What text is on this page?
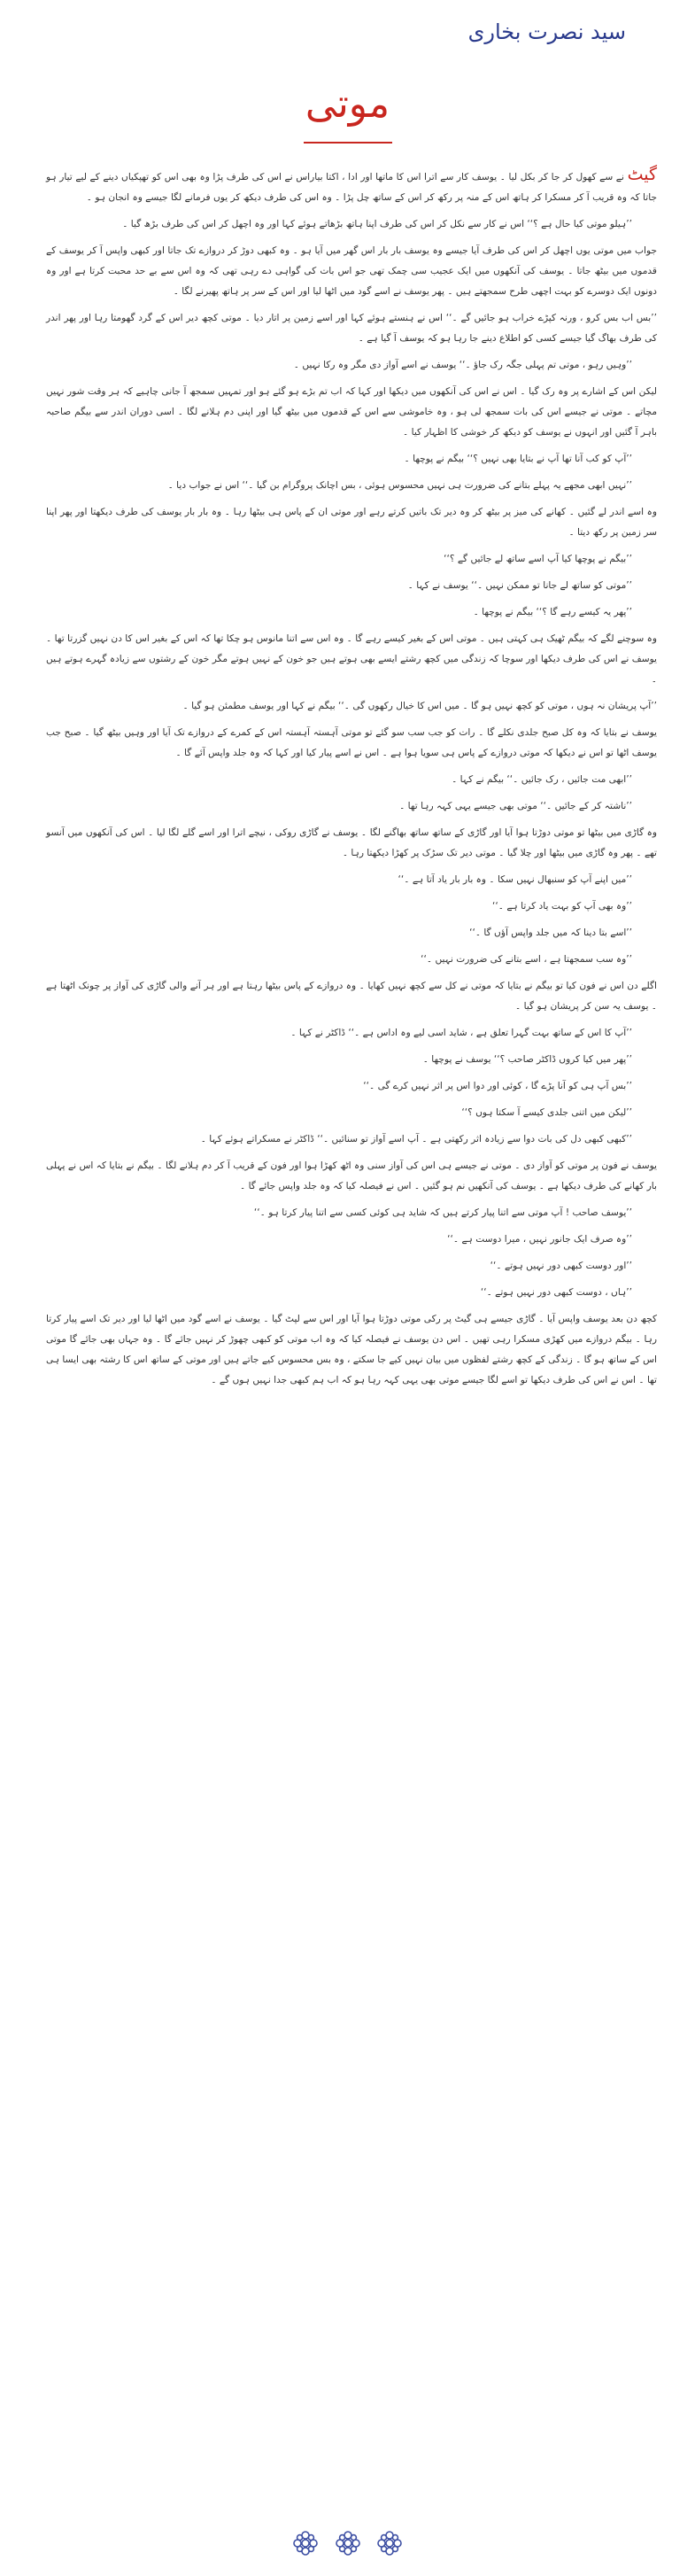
سید نصرت بخاری
موتی

گیٹ نے سے کھول کر جا کر بکل لیا ۔ یوسف کار سے اترا اس کا ماتھا اور ادا ، اکتا بیاراس نے اس کی طرف پڑا وہ بھی اس کو تھپکیاں دینے کے لیے تیار ہو جاتا کہ وہ قریب آ کر مسکرا کر ہاتھ اس کے منہ پر رکھ کر اس کے ساتھ چل پڑا ۔ وہ اس کی طرف دیکھ کر یوں فرمانے لگا جیسے وہ انجان ہو ۔

’’ہیلو موتی کیا حال ہے ؟‘‘ اس نے کار سے نکل کر اس کی طرف اپنا ہاتھ بڑھاتے ہوئے کہا اور وہ اچھل کر اس کی طرف بڑھ گیا ۔

جواب میں موتی یوں اچھل کر اس کی طرف آیا جیسے وہ یوسف بار بار اس گھر میں آیا ہو ۔ وہ کبھی دوڑ کر دروازے تک جاتا اور کبھی واپس آ کر یوسف کے قدموں میں بیٹھ جاتا ۔ یوسف کی آنکھوں میں ایک عجیب سی چمک تھی جو اس بات کی گواہی دے رہی تھی کہ وہ اس سے بے حد محبت کرتا ہے اور وہ دونوں ایک دوسرے کو بہت اچھی طرح سمجھتے ہیں ۔ پھر یوسف نے اسے گود میں اٹھا لیا اور اس کے سر پر ہاتھ پھیرنے لگا ۔

’’بس اب بس کرو ، ورنہ کپڑے خراب ہو جائیں گے ۔‘‘ اس نے ہنستے ہوئے کہا اور اسے زمین پر اتار دیا ۔ موتی کچھ دیر اس کے گرد گھومتا رہا اور پھر اندر کی طرف بھاگ گیا جیسے کسی کو اطلاع دینے جا رہا ہو کہ یوسف آ گیا ہے ۔

’’وہیں رہو ، موتی تم پہلی جگہ رک جاؤ ۔‘‘ یوسف نے اسے آواز دی مگر وہ رکا نہیں ۔

لیکن اس کے اشارے پر وہ رک گیا ۔ اس نے اس کی آنکھوں میں دیکھا اور کہا کہ اب تم بڑے ہو گئے ہو اور تمہیں سمجھ آ جانی چاہیے کہ ہر وقت شور نہیں مچاتے ۔ موتی نے جیسے اس کی بات سمجھ لی ہو ، وہ خاموشی سے اس کے قدموں میں بیٹھ گیا اور اپنی دم ہلانے لگا ۔ اسی دوران اندر سے بیگم صاحبہ باہر آ گئیں اور انہوں نے یوسف کو دیکھ کر خوشی کا اظہار کیا ۔

’’آپ کو کب آنا تھا آپ نے بتایا بھی نہیں ؟‘‘ بیگم نے پوچھا ۔

’’نہیں ابھی مجھے یہ پہلے بتانے کی ضرورت ہی نہیں محسوس ہوئی ، بس اچانک پروگرام بن گیا ۔‘‘ اس نے جواب دیا ۔

وہ اسے اندر لے گئیں ۔ کھانے کی میز پر بیٹھ کر وہ دیر تک باتیں کرتے رہے اور موتی ان کے پاس ہی بیٹھا رہا ۔ وہ بار بار یوسف کی طرف دیکھتا اور پھر اپنا سر زمین پر رکھ دیتا ۔

’’بیگم نے پوچھا کیا آپ اسے ساتھ لے جائیں گے ؟‘‘

’’موتی کو ساتھ لے جانا تو ممکن نہیں ۔‘‘ یوسف نے کہا ۔

’’پھر یہ کیسے رہے گا ؟‘‘ بیگم نے پوچھا ۔

وہ سوچنے لگے کہ بیگم ٹھیک ہی کہتی ہیں ۔ موتی اس کے بغیر کیسے رہے گا ۔ وہ اس سے اتنا مانوس ہو چکا تھا کہ اس کے بغیر اس کا دن نہیں گزرتا تھا ۔ یوسف نے اس کی طرف دیکھا اور سوچا کہ زندگی میں کچھ رشتے ایسے بھی ہوتے ہیں جو خون کے نہیں ہوتے مگر خون کے رشتوں سے زیادہ گہرے ہوتے ہیں ۔

’’آپ پریشان نہ ہوں ، موتی کو کچھ نہیں ہو گا ۔ میں اس کا خیال رکھوں گی ۔‘‘ بیگم نے کہا اور یوسف مطمئن ہو گیا ۔

یوسف نے بتایا کہ وہ کل صبح جلدی نکلے گا ۔ رات کو جب سب سو گئے تو موتی آہستہ آہستہ اس کے کمرے کے دروازے تک آیا اور وہیں بیٹھ گیا ۔ صبح جب یوسف اٹھا تو اس نے دیکھا کہ موتی دروازے کے پاس ہی سویا ہوا ہے ۔ اس نے اسے پیار کیا اور کہا کہ وہ جلد واپس آئے گا ۔

’’ابھی مت جائیں ، رک جائیں ۔‘‘ بیگم نے کہا ۔

’’ناشتہ کر کے جائیں ۔‘‘ موتی بھی جیسے یہی کہہ رہا تھا ۔

وہ گاڑی میں بیٹھا تو موتی دوڑتا ہوا آیا اور گاڑی کے ساتھ ساتھ بھاگنے لگا ۔ یوسف نے گاڑی روکی ، نیچے اترا اور اسے گلے لگا لیا ۔ اس کی آنکھوں میں آنسو تھے ۔ پھر وہ گاڑی میں بیٹھا اور چلا گیا ۔ موتی دیر تک سڑک پر کھڑا دیکھتا رہا ۔

’’میں اپنے آپ کو سنبھال نہیں سکا ۔ وہ بار بار یاد آتا ہے ۔‘‘

’’وہ بھی آپ کو بہت یاد کرتا ہے ۔‘‘

’’اسے بتا دینا کہ میں جلد واپس آؤں گا ۔‘‘

’’وہ سب سمجھتا ہے ، اسے بتانے کی ضرورت نہیں ۔‘‘

اگلے دن اس نے فون کیا تو بیگم نے بتایا کہ موتی نے کل سے کچھ نہیں کھایا ۔ وہ دروازے کے پاس بیٹھا رہتا ہے اور ہر آنے والی گاڑی کی آواز پر چونک اٹھتا ہے ۔ یوسف یہ سن کر پریشان ہو گیا ۔

’’آپ کا اس کے ساتھ بہت گہرا تعلق ہے ، شاید اسی لیے وہ اداس ہے ۔‘‘ ڈاکٹر نے کہا ۔

’’پھر میں کیا کروں ڈاکٹر صاحب ؟‘‘ یوسف نے پوچھا ۔

’’بس آپ ہی کو آنا پڑے گا ، کوئی اور دوا اس پر اثر نہیں کرے گی ۔‘‘

’’لیکن میں اتنی جلدی کیسے آ سکتا ہوں ؟‘‘

’’کبھی کبھی دل کی بات دوا سے زیادہ اثر رکھتی ہے ۔ آپ اسے آواز تو سنائیں ۔‘‘ ڈاکٹر نے مسکراتے ہوئے کہا ۔

یوسف نے فون پر موتی کو آواز دی ۔ موتی نے جیسے ہی اس کی آواز سنی وہ اٹھ کھڑا ہوا اور فون کے قریب آ کر دم ہلانے لگا ۔ بیگم نے بتایا کہ اس نے پہلی بار کھانے کی طرف دیکھا ہے ۔ یوسف کی آنکھیں نم ہو گئیں ۔ اس نے فیصلہ کیا کہ وہ جلد واپس جائے گا ۔

’’یوسف صاحب ! آپ موتی سے اتنا پیار کرتے ہیں کہ شاید ہی کوئی کسی سے اتنا پیار کرتا ہو ۔‘‘

’’وہ صرف ایک جانور نہیں ، میرا دوست ہے ۔‘‘

’’اور دوست کبھی دور نہیں ہوتے ۔‘‘

’’ہاں ، دوست کبھی دور نہیں ہوتے ۔‘‘

کچھ دن بعد یوسف واپس آیا ۔ گاڑی جیسے ہی گیٹ پر رکی موتی دوڑتا ہوا آیا اور اس سے لپٹ گیا ۔ یوسف نے اسے گود میں اٹھا لیا اور دیر تک اسے پیار کرتا رہا ۔ بیگم دروازے میں کھڑی مسکرا رہی تھیں ۔ اس دن یوسف نے فیصلہ کیا کہ وہ اب موتی کو کبھی چھوڑ کر نہیں جائے گا ۔ وہ جہاں بھی جائے گا موتی اس کے ساتھ ہو گا ۔ زندگی کے کچھ رشتے لفظوں میں بیان نہیں کیے جا سکتے ، وہ بس محسوس کیے جاتے ہیں اور موتی کے ساتھ اس کا رشتہ بھی ایسا ہی تھا ۔ اس نے اس کی طرف دیکھا تو اسے لگا جیسے موتی بھی یہی کہہ رہا ہو کہ اب ہم کبھی جدا نہیں ہوں گے ۔
